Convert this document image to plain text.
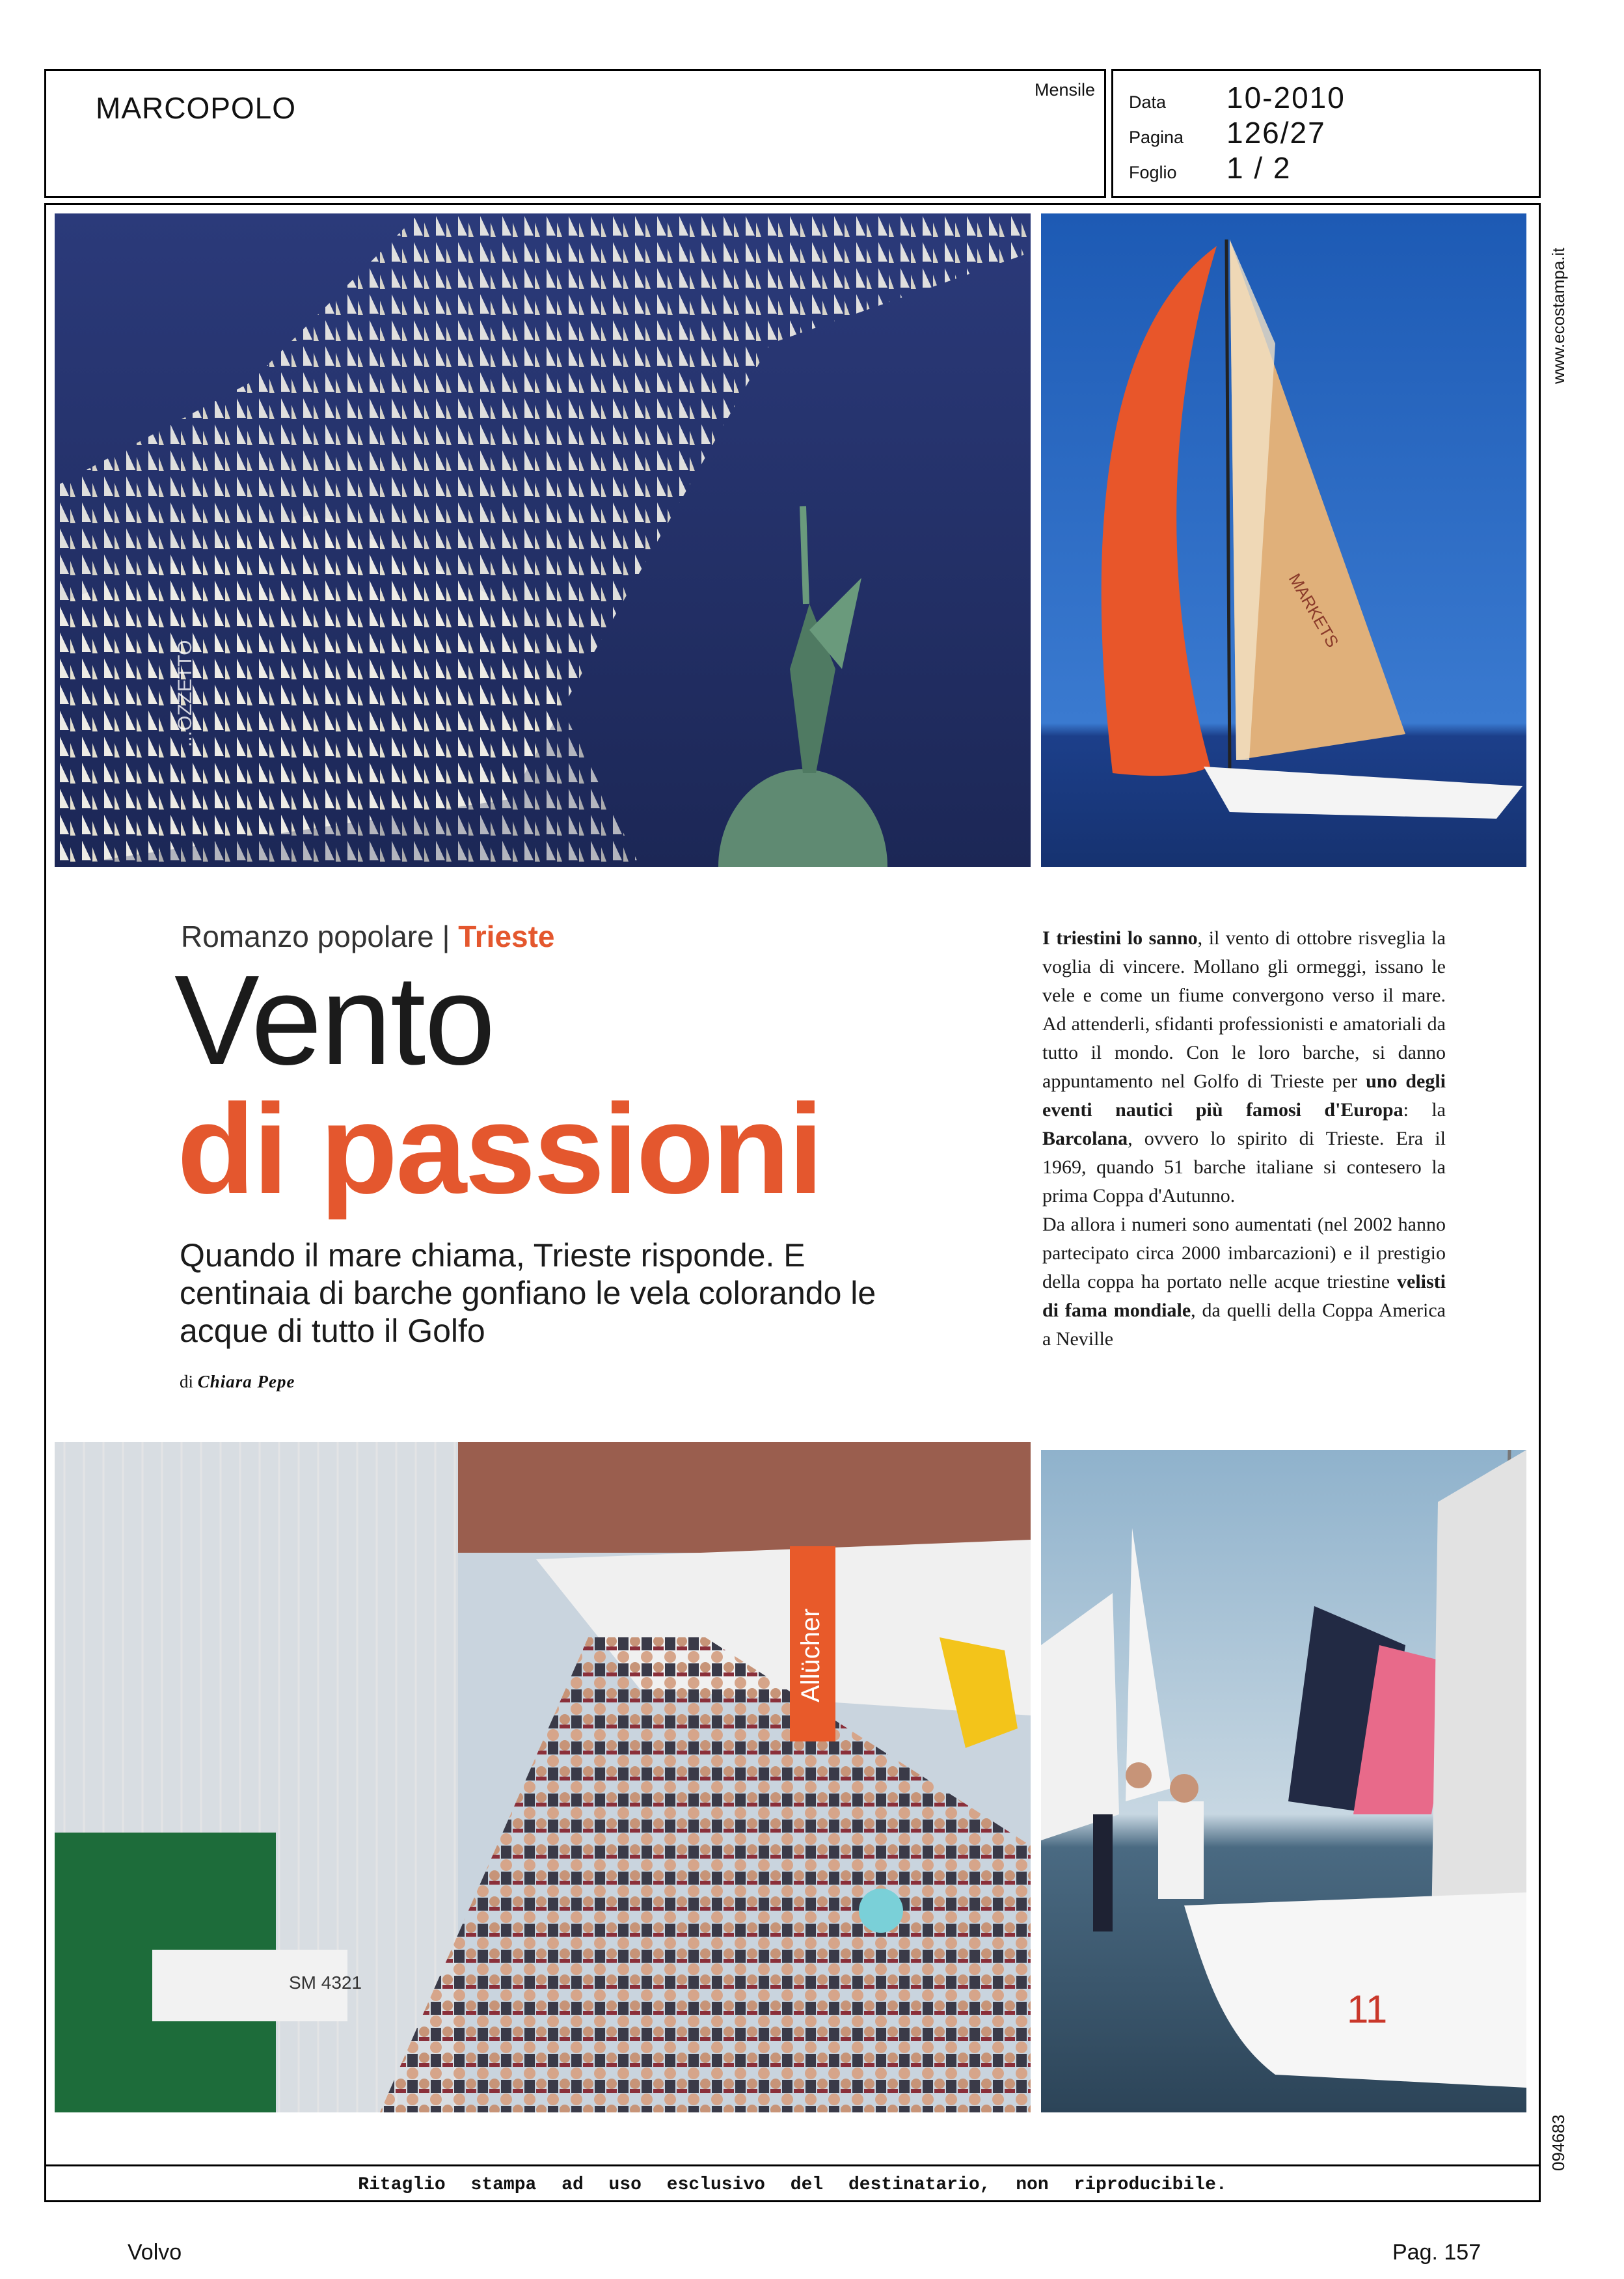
MARCOPOLO
Mensile
Data	10-2010
Pagina	126/27
Foglio	1 / 2
www.ecostampa.it
094683
...OZZETTO
MARKETS
Romanzo popolare | Trieste
Vento
di passioni
Quando il mare chiama, Trieste risponde. E centinaia di barche gonfiano le vela colorando le acque di tutto il Golfo
di Chiara Pepe

I triestini lo sanno, il vento di ottobre risveglia la voglia di vincere. Mollano gli ormeggi, issano le vele e come un fiume convergono verso il mare. Ad attenderli, sfidanti professionisti e amatoriali da tutto il mondo. Con le loro barche, si danno appuntamento nel Golfo di Trieste per uno degli eventi nautici più famosi d'Europa: la Barcolana, ovvero lo spirito di Trieste. Era il 1969, quando 51 barche italiane si contesero la prima Coppa d'Autunno.

Da allora i numeri sono aumentati (nel 2002 hanno partecipato circa 2000 imbarcazioni) e il prestigio della coppa ha portato nelle acque triestine velisti di fama mondiale, da quelli della Coppa America a Neville

Allücher
SM 4321
11
Ritaglio stampa ad uso esclusivo del destinatario, non riproducibile.
Volvo	Pag. 157
